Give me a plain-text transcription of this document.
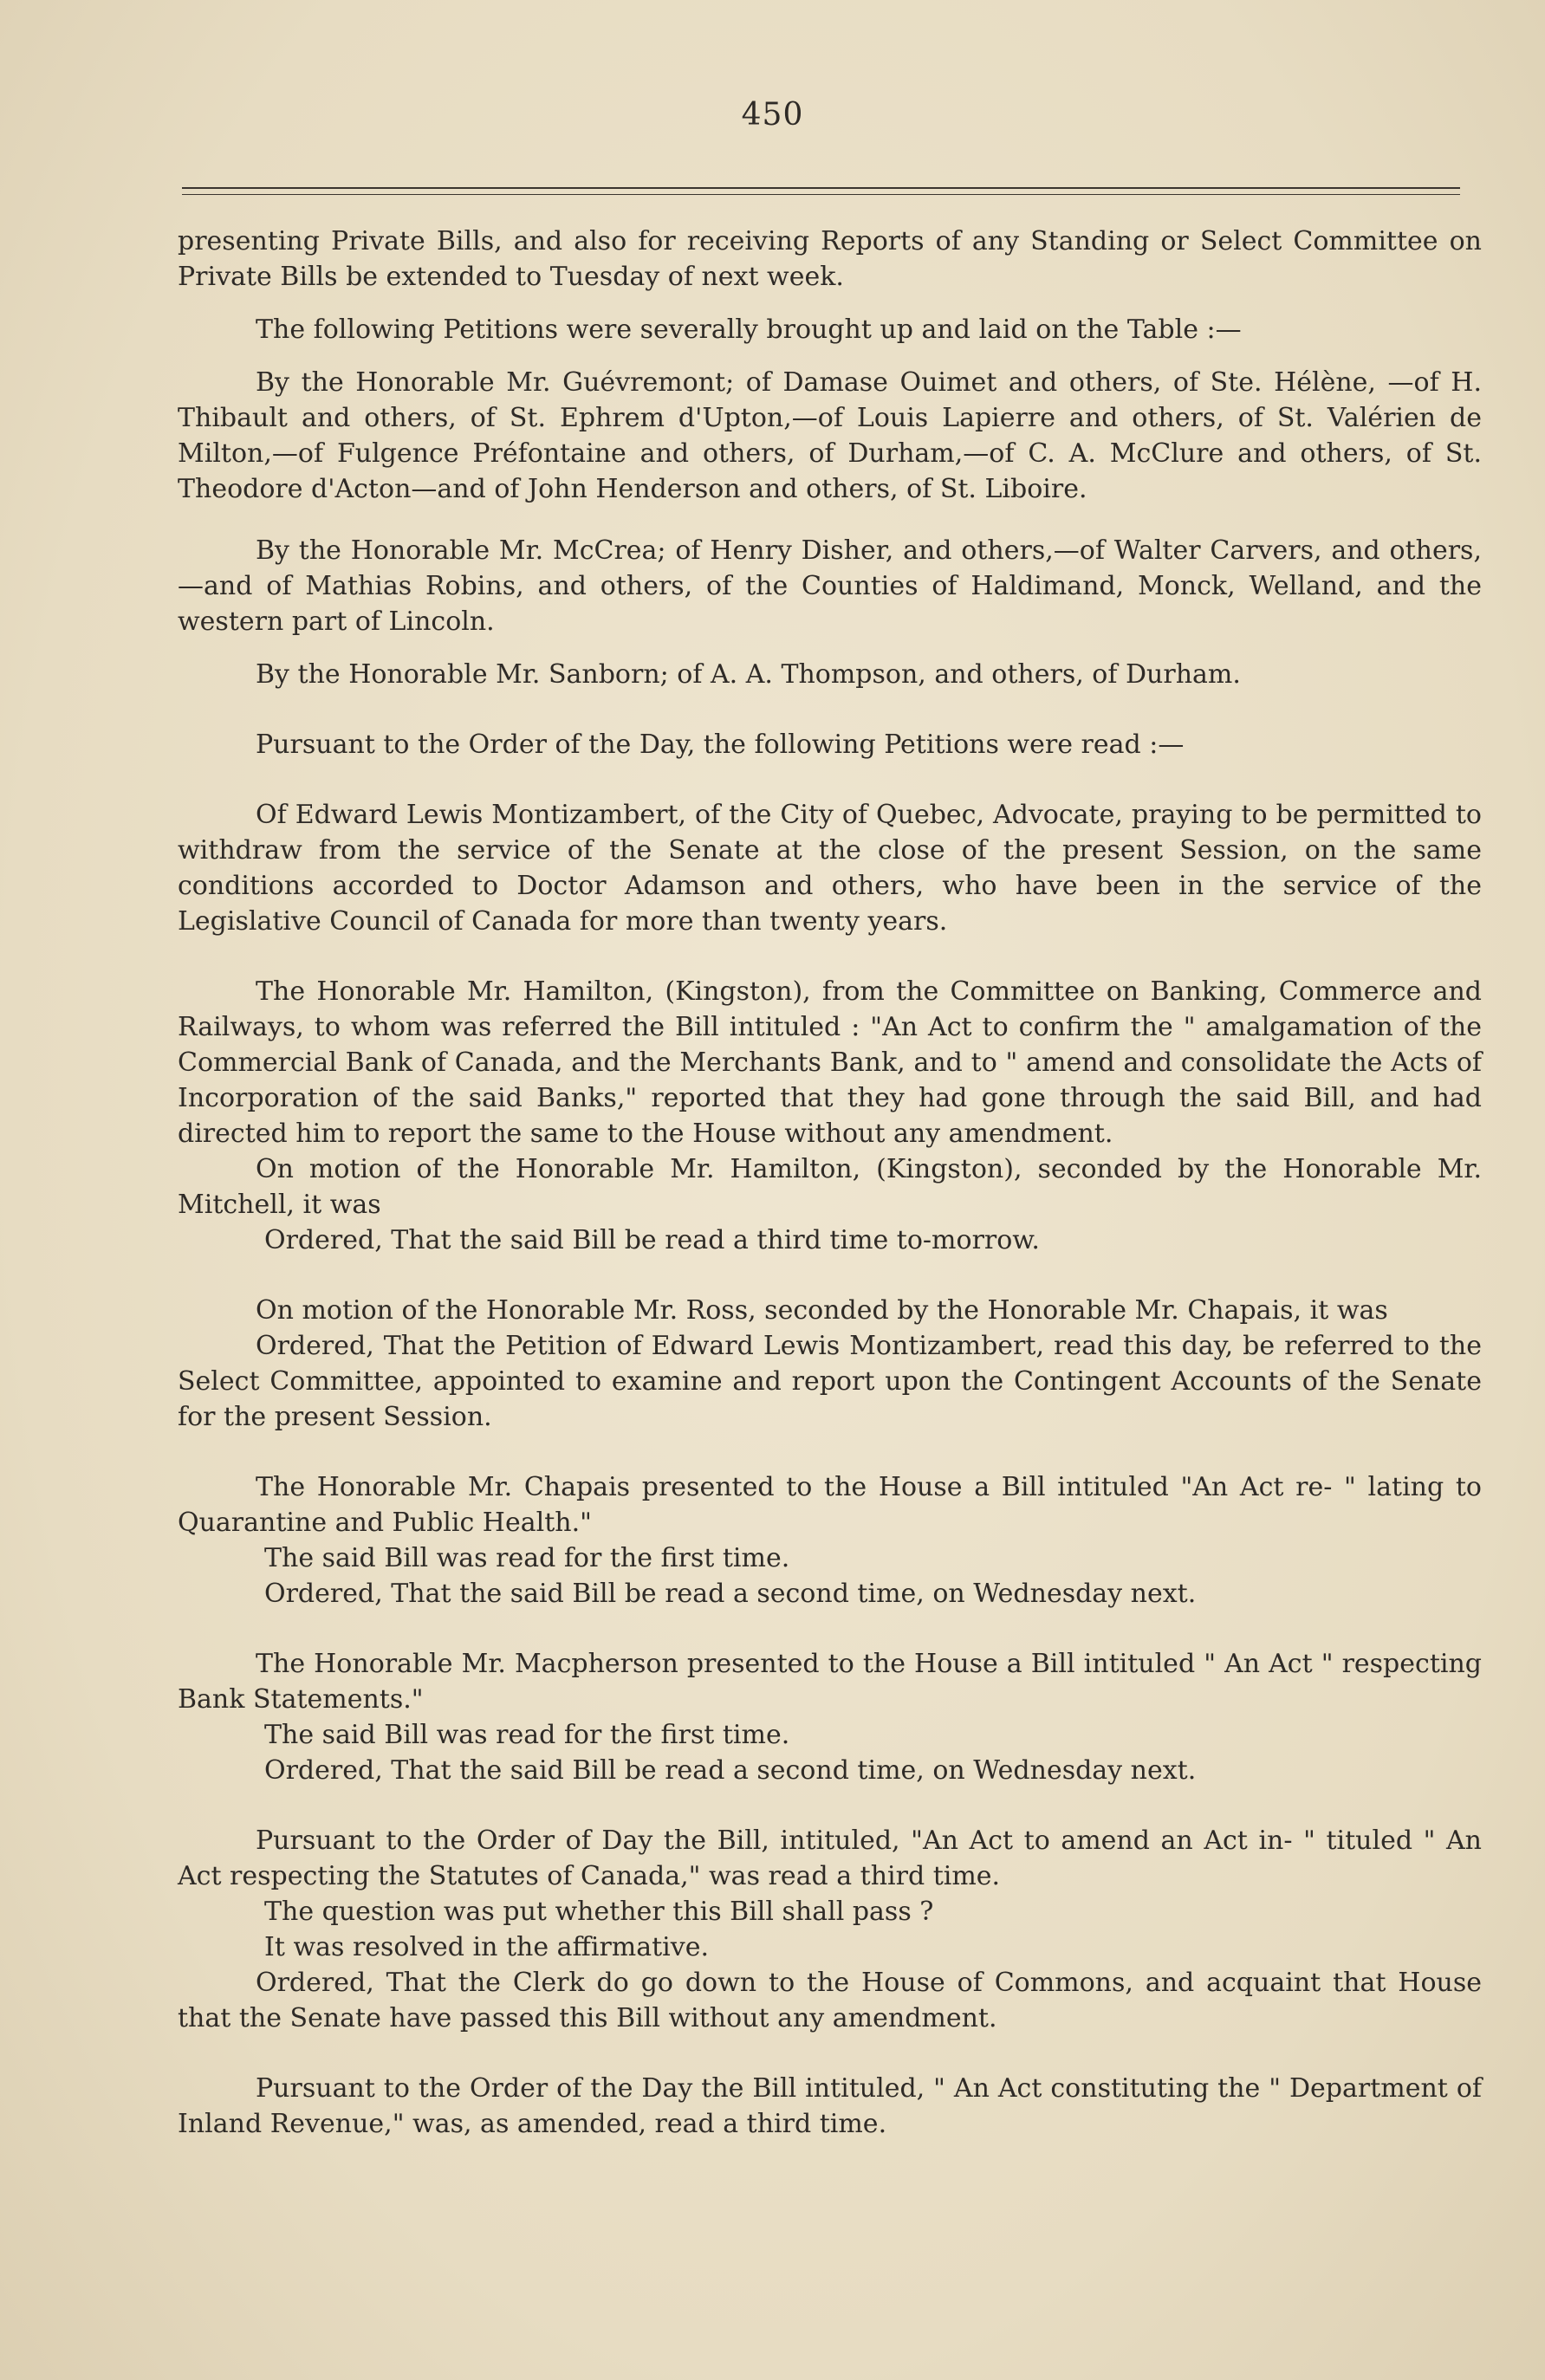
450

presenting Private Bills, and also for receiving Reports of any Standing or Select Committee on Private Bills be extended to Tuesday of next week.

The following Petitions were severally brought up and laid on the Table :—

By the Honorable Mr. Guévremont; of Damase Ouimet and others, of Ste. Hélène, —of H. Thibault and others, of St. Ephrem d'Upton,—of Louis Lapierre and others, of St. Valérien de Milton,—of Fulgence Préfontaine and others, of Durham,—of C. A. McClure and others, of St. Theodore d'Acton—and of John Henderson and others, of St. Liboire.

By the Honorable Mr. McCrea; of Henry Disher, and others,—of Walter Carvers, and others,—and of Mathias Robins, and others, of the Counties of Haldimand, Monck, Welland, and the western part of Lincoln.

By the Honorable Mr. Sanborn; of A. A. Thompson, and others, of Durham.

Pursuant to the Order of the Day, the following Petitions were read :—

Of Edward Lewis Montizambert, of the City of Quebec, Advocate, praying to be permitted to withdraw from the service of the Senate at the close of the present Session, on the same conditions accorded to Doctor Adamson and others, who have been in the service of the Legislative Council of Canada for more than twenty years.

The Honorable Mr. Hamilton, (Kingston), from the Committee on Banking, Commerce and Railways, to whom was referred the Bill intituled : "An Act to confirm the " amalgamation of the Commercial Bank of Canada, and the Merchants Bank, and to " amend and consolidate the Acts of Incorporation of the said Banks," reported that they had gone through the said Bill, and had directed him to report the same to the House without any amendment.

On motion of the Honorable Mr. Hamilton, (Kingston), seconded by the Honorable Mr. Mitchell, it was

Ordered, That the said Bill be read a third time to-morrow.

On motion of the Honorable Mr. Ross, seconded by the Honorable Mr. Chapais, it was

Ordered, That the Petition of Edward Lewis Montizambert, read this day, be referred to the Select Committee, appointed to examine and report upon the Contingent Accounts of the Senate for the present Session.

The Honorable Mr. Chapais presented to the House a Bill intituled "An Act re- " lating to Quarantine and Public Health."

The said Bill was read for the first time.

Ordered, That the said Bill be read a second time, on Wednesday next.

The Honorable Mr. Macpherson presented to the House a Bill intituled " An Act " respecting Bank Statements."

The said Bill was read for the first time.

Ordered, That the said Bill be read a second time, on Wednesday next.

Pursuant to the Order of Day the Bill, intituled, "An Act to amend an Act in- " tituled " An Act respecting the Statutes of Canada," was read a third time.

The question was put whether this Bill shall pass ?

It was resolved in the affirmative.

Ordered, That the Clerk do go down to the House of Commons, and acquaint that House that the Senate have passed this Bill without any amendment.

Pursuant to the Order of the Day the Bill intituled, " An Act constituting the " Department of Inland Revenue," was, as amended, read a third time.
